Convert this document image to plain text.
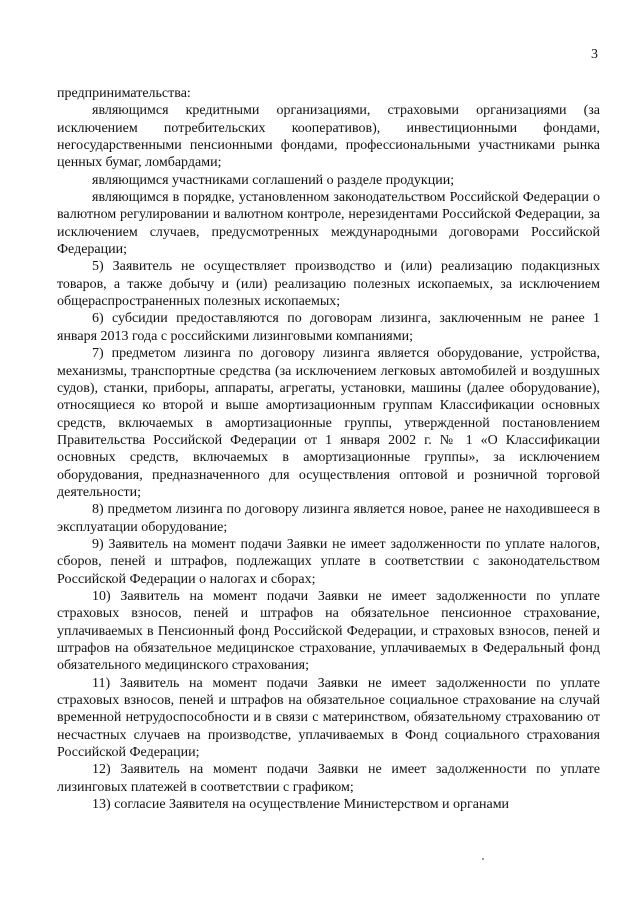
3

предпринимательства:

являющимся кредитными организациями, страховыми организациями (за исключением потребительских кооперативов), инвестиционными фондами, негосударственными пенсионными фондами, профессиональными участниками рынка ценных бумаг, ломбардами;

являющимся участниками соглашений о разделе продукции;

являющимся в порядке, установленном законодательством Российской Федерации о валютном регулировании и валютном контроле, нерезидентами Российской Федерации, за исключением случаев, предусмотренных международными договорами Российской Федерации;

5) Заявитель не осуществляет производство и (или) реализацию подакцизных товаров, а также добычу и (или) реализацию полезных ископаемых, за исключением общераспространенных полезных ископаемых;

6) субсидии предоставляются по договорам лизинга, заключенным не ранее 1 января 2013 года с российскими лизинговыми компаниями;

7) предметом лизинга по договору лизинга является оборудование, устройства, механизмы, транспортные средства (за исключением легковых автомобилей и воздушных судов), станки, приборы, аппараты, агрегаты, установки, машины (далее оборудование), относящиеся ко второй и выше амортизационным группам Классификации основных средств, включаемых в амортизационные группы, утвержденной постановлением Правительства Российской Федерации от 1 января 2002 г. № 1 «О Классификации основных средств, включаемых в амортизационные группы», за исключением оборудования, предназначенного для осуществления оптовой и розничной торговой деятельности;

8) предметом лизинга по договору лизинга является новое, ранее не находившееся в эксплуатации оборудование;

9) Заявитель на момент подачи Заявки не имеет задолженности по уплате налогов, сборов, пеней и штрафов, подлежащих уплате в соответствии с законодательством Российской Федерации о налогах и сборах;

10) Заявитель на момент подачи Заявки не имеет задолженности по уплате страховых взносов, пеней и штрафов на обязательное пенсионное страхование, уплачиваемых в Пенсионный фонд Российской Федерации, и страховых взносов, пеней и штрафов на обязательное медицинское страхование, уплачиваемых в Федеральный фонд обязательного медицинского страхования;

11) Заявитель на момент подачи Заявки не имеет задолженности по уплате страховых взносов, пеней и штрафов на обязательное социальное страхование на случай временной нетрудоспособности и в связи с материнством, обязательному страхованию от несчастных случаев на производстве, уплачиваемых в Фонд социального страхования Российской Федерации;

12) Заявитель на момент подачи Заявки не имеет задолженности по уплате лизинговых платежей в соответствии с графиком;

13) согласие Заявителя на осуществление Министерством и органами
